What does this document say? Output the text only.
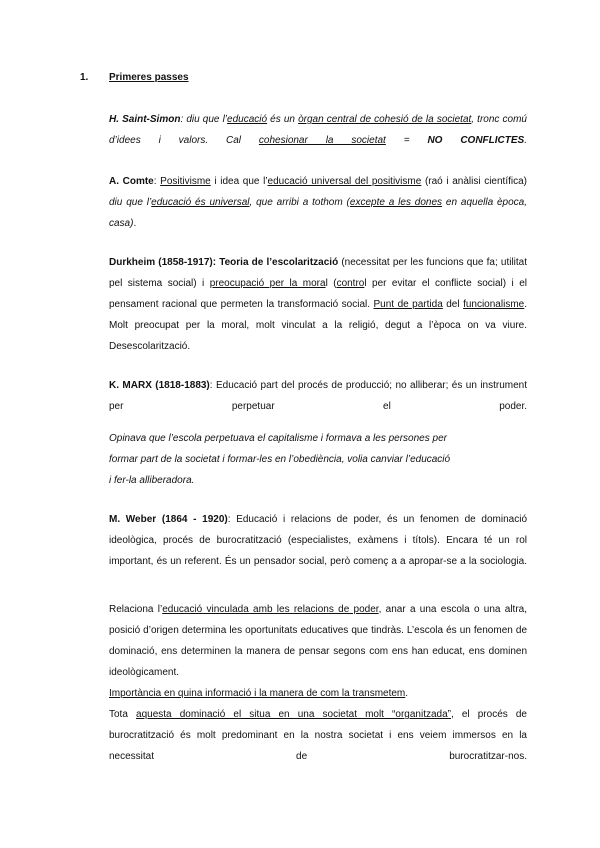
1. Primeres passes

H. Saint-Simon: diu que l’educació és un òrgan central de cohesió de la societat, tronc comú d’idees i valors. Cal cohesionar la societat = NO CONFLICTES.

A. Comte: Positivisme i idea que l’educació universal del positivisme (raó i anàlisi científica) diu que l’educació és universal, que arribi a tothom (excepte a les dones en aquella època, casa).

Durkheim (1858-1917): Teoria de l’escolarització (necessitat per les funcions que fa; utilitat pel sistema social) i preocupació per la moral (control per evitar el conflicte social) i el pensament racional que permeten la transformació social. Punt de partida del funcionalisme. Molt preocupat per la moral, molt vinculat a la religió, degut a l’època on va viure. Desescolarització.

K. MARX (1818-1883): Educació part del procés de producció; no alliberar; és un instrument per perpetuar el poder.

Opinava que l’escola perpetuava el capitalisme i formava a les persones per
formar part de la societat i formar-les en l’obediència, volia canviar l’educació
i fer-la alliberadora.

M. Weber (1864 - 1920): Educació i relacions de poder, és un fenomen de dominació ideològica, procés de burocratització (especialistes, exàmens i títols). Encara té un rol important, és un referent. És un pensador social, però començ a a apropar-se a la sociologia.

Relaciona l’educació vinculada amb les relacions de poder, anar a una escola o una altra, posició d’origen determina les oportunitats educatives que tindràs. L’escola és un fenomen de dominació, ens determinen la manera de pensar segons com ens han educat, ens dominen ideològicament.
Importància en quina informació i la manera de com la transmetem.
Tota aquesta dominació el situa en una societat molt “organitzada”, el procés de burocratització és molt predominant en la nostra societat i ens veiem immersos en la necessitat de burocratitzar-nos.
